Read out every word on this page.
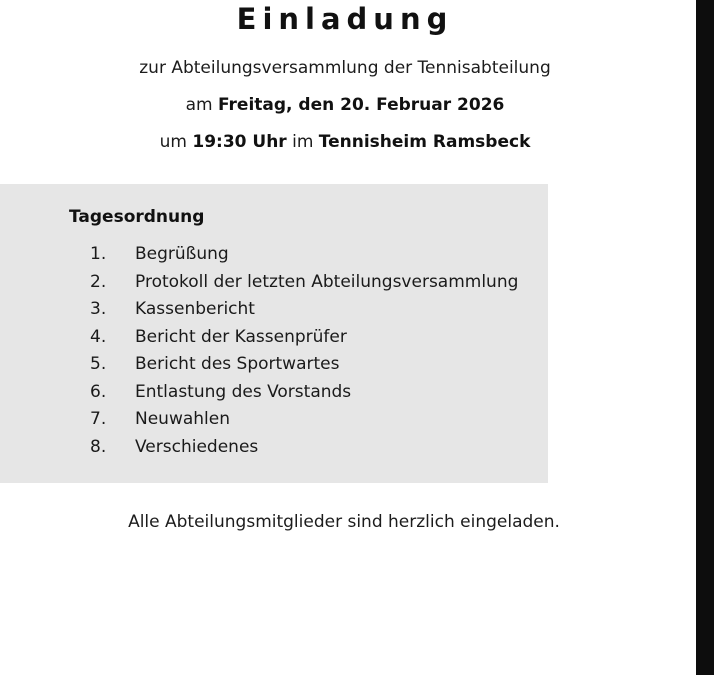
Einladung
zur Abteilungsversammlung der Tennisabteilung
am Freitag, den 20. Februar 2026
um 19:30 Uhr im Tennisheim Ramsbeck
Tagesordnung
1. Begrüßung
2. Protokoll der letzten Abteilungsversammlung
3. Kassenbericht
4. Bericht der Kassenprüfer
5. Bericht des Sportwartes
6. Entlastung des Vorstands
7. Neuwahlen
8. Verschiedenes
Alle Abteilungsmitglieder sind herzlich eingeladen.
